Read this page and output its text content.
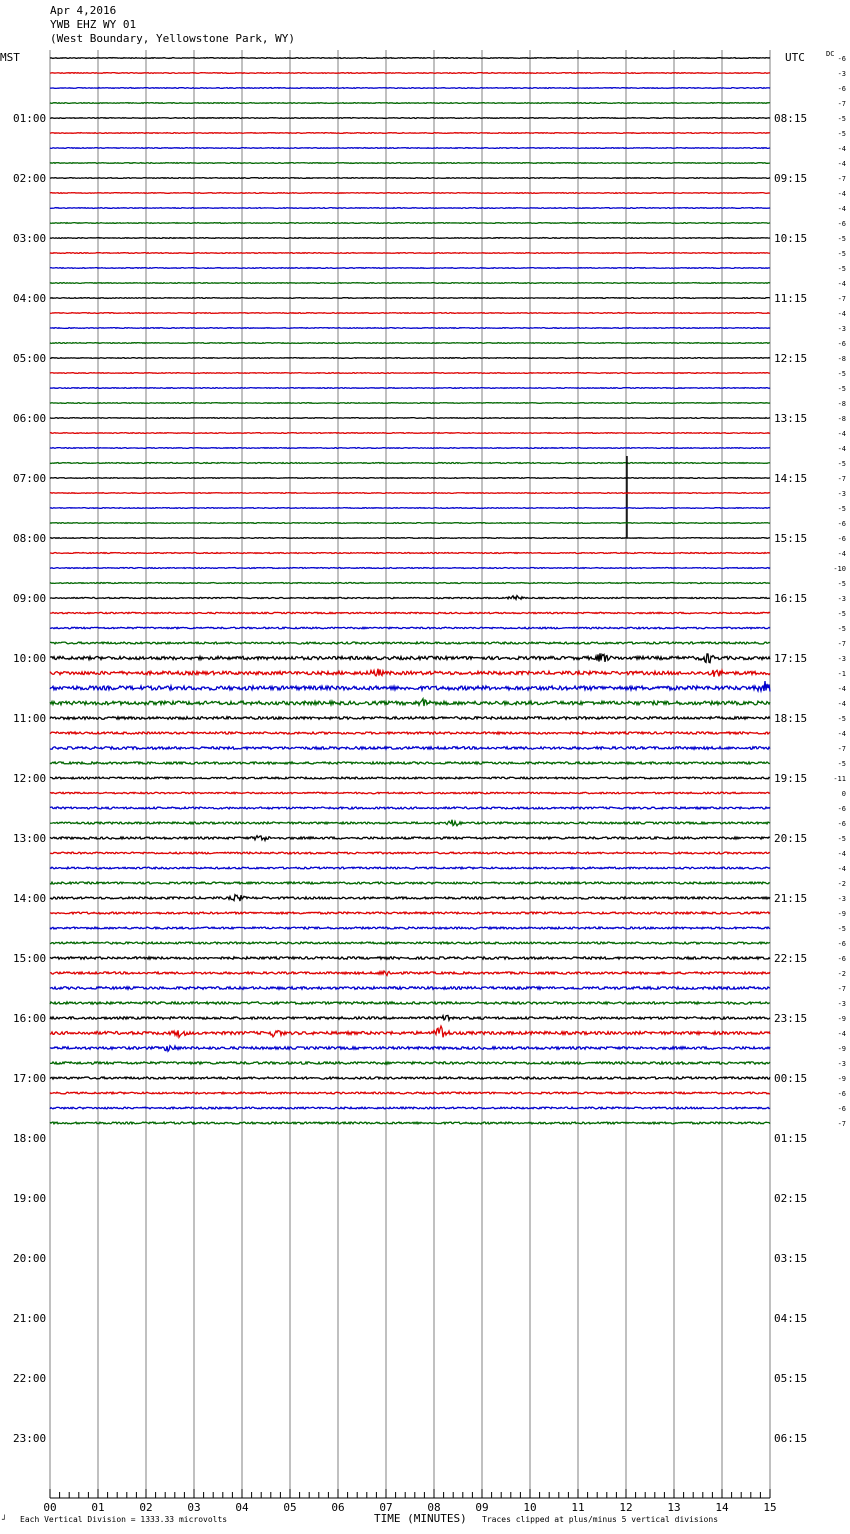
01:00
02:00
03:00
04:00
05:00
06:00
07:00
08:00
09:00
10:00
11:00
12:00
13:00
14:00
15:00
16:00
17:00
18:00
19:00
20:00
21:00
22:00
23:00
08:15
09:15
10:15
11:15
12:15
13:15
14:15
15:15
16:15
17:15
18:15
19:15
20:15
21:15
22:15
23:15
00:15
01:15
02:15
03:15
04:15
05:15
06:15
-6
-3
-6
-7
-5
-5
-4
-4
-7
-4
-4
-6
-5
-5
-5
-4
-7
-4
-3
-6
-8
-5
-5
-8
-8
-4
-4
-5
-7
-3
-5
-6
-6
-4
-10
-5
-3
-5
-5
-7
-3
-1
-4
-4
-5
-4
-7
-5
-11
0
-6
-6
-5
-4
-4
-2
-3
-9
-5
-6
-6
-2
-7
-3
-9
-4
-9
-3
-9
-6
-6
-7
00	01	02	03	04	05	06	07	08	09	10	11	12	13	14	15
MST	UTC	DC
Apr 4,2016
YWB EHZ WY 01
(West Boundary, Yellowstone Park, WY)
┘ Each Vertical Division = 1333.33 microvolts	TIME (MINUTES) Traces clipped at plus/minus 5 vertical divisions
